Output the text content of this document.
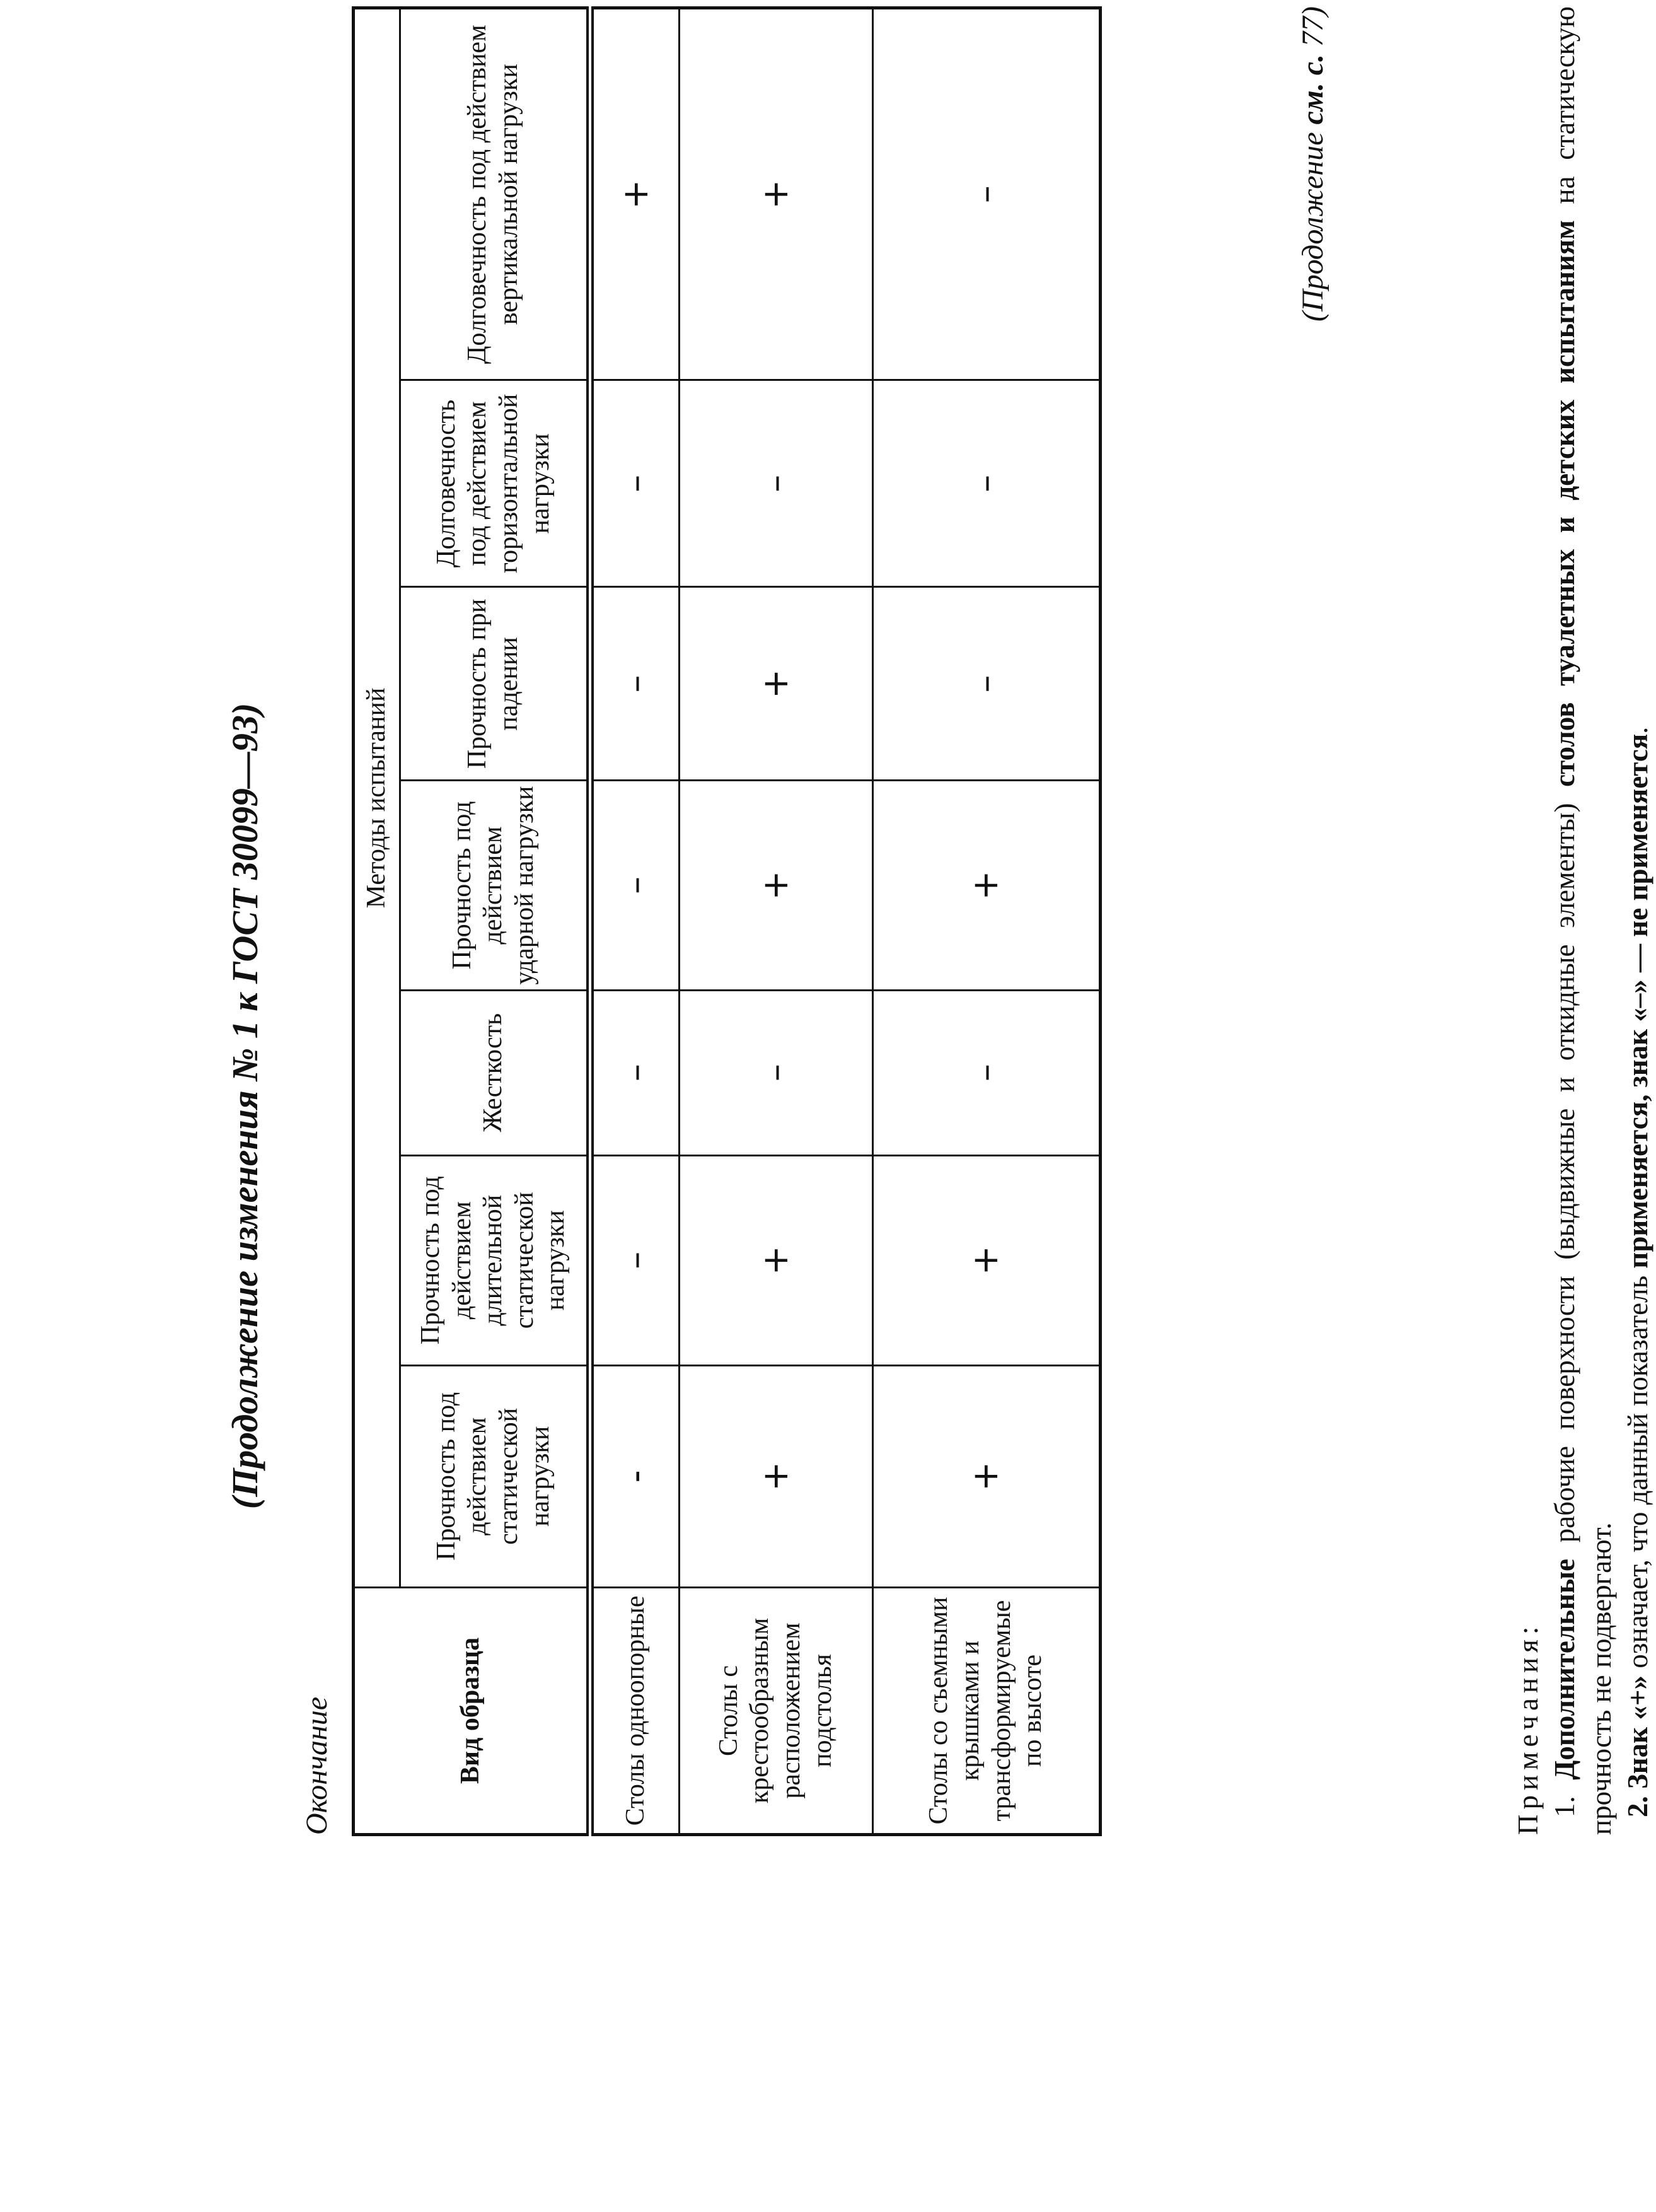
(Продолжение изменения № 1 к ГОСТ 30099—93)
Окончание	Вид образца	Методы испытаний						
	Прочность под действием статической нагрузки	Прочность под действием длительной статической нагрузки	Жесткость	Прочность под действием ударной нагрузки	Прочность при падении	Долговечность под действием горизонтальной нагрузки	Долговечность под действием вертикальной нагрузки
Столы одноопорные	-	–	–	–	–	–	+
Столы с крестообразным расположением подстолья	+	+	–	+	+	–	+
Столы со съемными крышками и трансформируемые по высоте	+	+	–	+	–	–	–
Примечания: 1. Дополнительные рабочие поверхности (выдвижные и откидные элементы) столов туалетных и детских испытаниям на статическую прочность не подвергают. 2. Знак «+» означает, что данный показатель применяется, знак «–» — не применяется.
(Продолжение см. с. 77)
